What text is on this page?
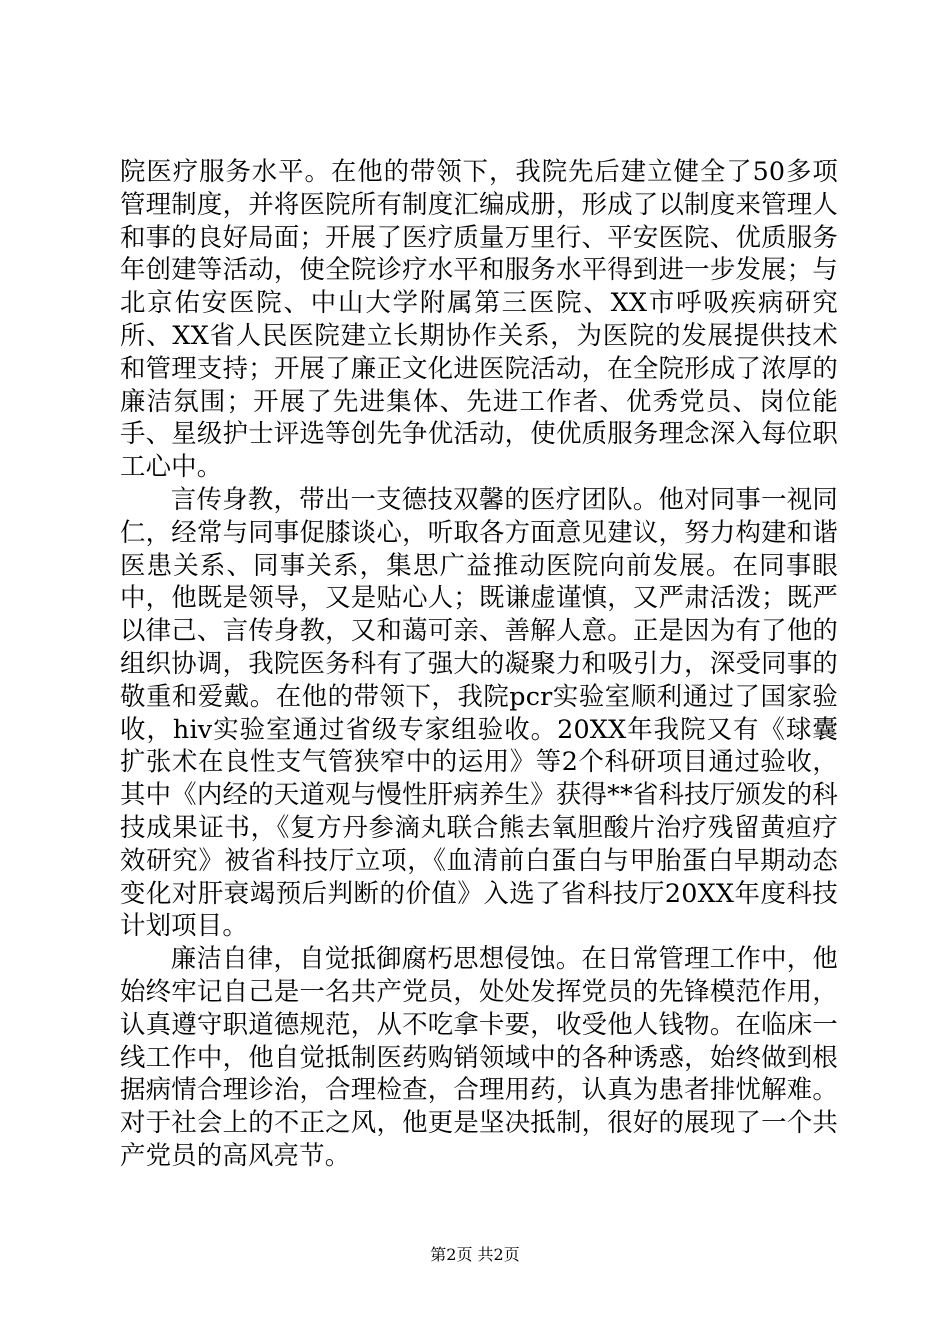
院医疗服务水平。在他的带领下，我院先后建立健全了50多项管理制度，并将医院所有制度汇编成册，形成了以制度来管理人和事的良好局面；开展了医疗质量万里行、平安医院、优质服务年创建等活动，使全院诊疗水平和服务水平得到进一步发展；与北京佑安医院、中山大学附属第三医院、XX市呼吸疾病研究所、XX省人民医院建立长期协作关系，为医院的发展提供技术和管理支持；开展了廉正文化进医院活动，在全院形成了浓厚的廉洁氛围；开展了先进集体、先进工作者、优秀党员、岗位能手、星级护士评选等创先争优活动，使优质服务理念深入每位职工心中。

言传身教，带出一支德技双馨的医疗团队。他对同事一视同仁，经常与同事促膝谈心，听取各方面意见建议，努力构建和谐医患关系、同事关系，集思广益推动医院向前发展。在同事眼中，他既是领导，又是贴心人；既谦虚谨慎，又严肃活泼；既严以律己、言传身教，又和蔼可亲、善解人意。正是因为有了他的组织协调，我院医务科有了强大的凝聚力和吸引力，深受同事的敬重和爱戴。在他的带领下，我院pcr实验室顺利通过了国家验收，hiv实验室通过省级专家组验收。20XX年我院又有《球囊扩张术在良性支气管狭窄中的运用》等2个科研项目通过验收，其中《内经的天道观与慢性肝病养生》获得**省科技厅颁发的科技成果证书，《复方丹参滴丸联合熊去氧胆酸片治疗残留黄疸疗效研究》被省科技厅立项，《血清前白蛋白与甲胎蛋白早期动态变化对肝衰竭预后判断的价值》入选了省科技厅20XX年度科技计划项目。

廉洁自律，自觉抵御腐朽思想侵蚀。在日常管理工作中，他始终牢记自己是一名共产党员，处处发挥党员的先锋模范作用，认真遵守职道德规范，从不吃拿卡要，收受他人钱物。在临床一线工作中，他自觉抵制医药购销领域中的各种诱惑，始终做到根据病情合理诊治，合理检查，合理用药，认真为患者排忧解难。对于社会上的不正之风，他更是坚决抵制，很好的展现了一个共产党员的高风亮节。

第2页 共2页
